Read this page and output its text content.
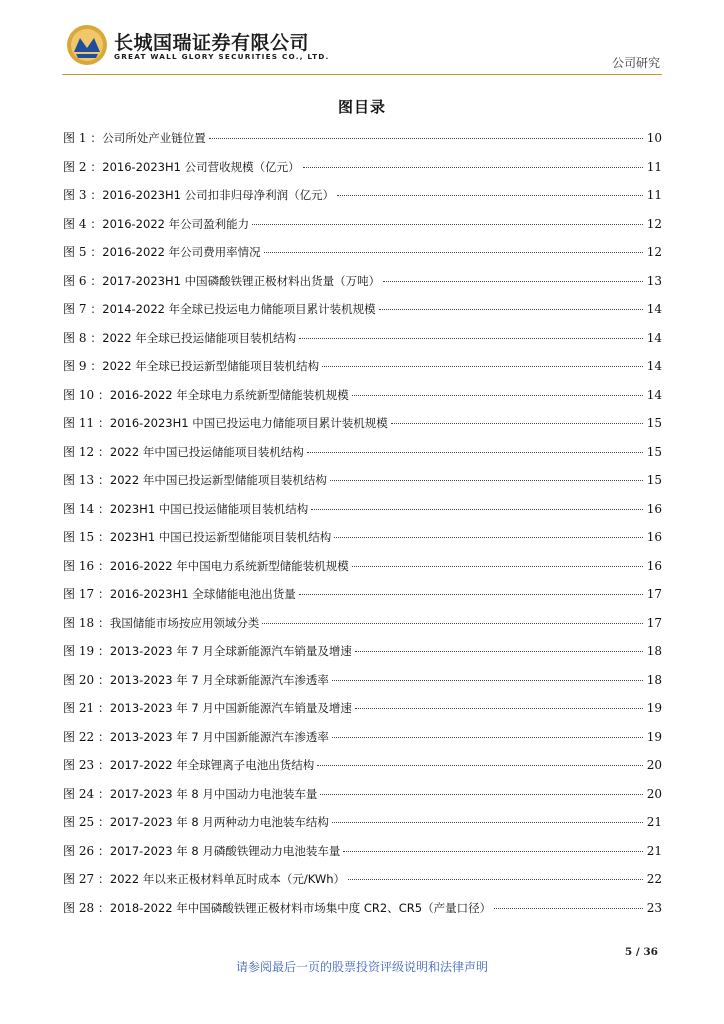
长城国瑞证券有限公司
GREAT WALL GLORY SECURITIES CO., LTD.	公司研究
图目录
图 1 ： 公司所处产业链位置	10
图 2 ： 2016-2023H1 公司营收规模（亿元）	11
图 3 ： 2016-2023H1 公司扣非归母净利润（亿元）	11
图 4 ： 2016-2022 年公司盈利能力	12
图 5 ： 2016-2022 年公司费用率情况	12
图 6 ： 2017-2023H1 中国磷酸铁锂正极材料出货量（万吨）	13
图 7 ： 2014-2022 年全球已投运电力储能项目累计装机规模	14
图 8 ： 2022 年全球已投运储能项目装机结构	14
图 9 ： 2022 年全球已投运新型储能项目装机结构	14
图 10 ： 2016-2022 年全球电力系统新型储能装机规模	14
图 11 ： 2016-2023H1 中国已投运电力储能项目累计装机规模	15
图 12 ： 2022 年中国已投运储能项目装机结构	15
图 13 ： 2022 年中国已投运新型储能项目装机结构	15
图 14 ： 2023H1 中国已投运储能项目装机结构	16
图 15 ： 2023H1 中国已投运新型储能项目装机结构	16
图 16 ： 2016-2022 年中国电力系统新型储能装机规模	16
图 17 ： 2016-2023H1 全球储能电池出货量	17
图 18 ： 我国储能市场按应用领域分类	17
图 19 ： 2013-2023 年 7 月全球新能源汽车销量及增速	18
图 20 ： 2013-2023 年 7 月全球新能源汽车渗透率	18
图 21 ： 2013-2023 年 7 月中国新能源汽车销量及增速	19
图 22 ： 2013-2023 年 7 月中国新能源汽车渗透率	19
图 23 ： 2017-2022 年全球锂离子电池出货结构	20
图 24 ： 2017-2023 年 8 月中国动力电池装车量	20
图 25 ： 2017-2023 年 8 月两种动力电池装车结构	21
图 26 ： 2017-2023 年 8 月磷酸铁锂动力电池装车量	21
图 27 ： 2022 年以来正极材料单瓦时成本（元/KWh）	22
图 28 ： 2018-2022 年中国磷酸铁锂正极材料市场集中度 CR2、CR5（产量口径）	23
5 / 36
请参阅最后一页的股票投资评级说明和法律声明
